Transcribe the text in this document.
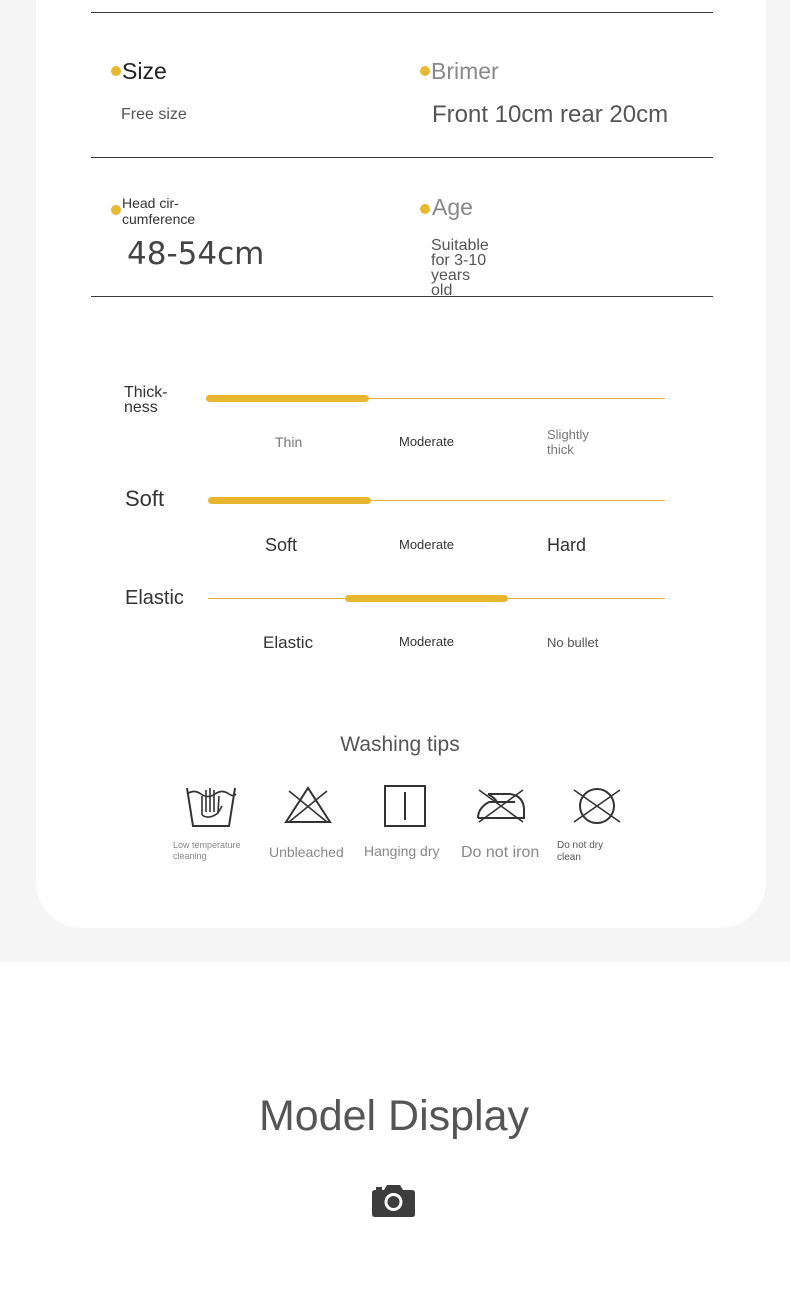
Size
Free size
Brimer
Front 10cm rear 20cm
Head cir-
cumference
48-54cm
Age
Suitable for 3-10
years old
Thick-
ness
Thin	Moderate	Slightly
thick
Soft
Soft	Moderate	Hard
Elastic
Elastic	Moderate	No bullet
Washing tips
Low temperature
cleaning	Unbleached Hanging dry Do not iron Do not dry
clean
Model Display
